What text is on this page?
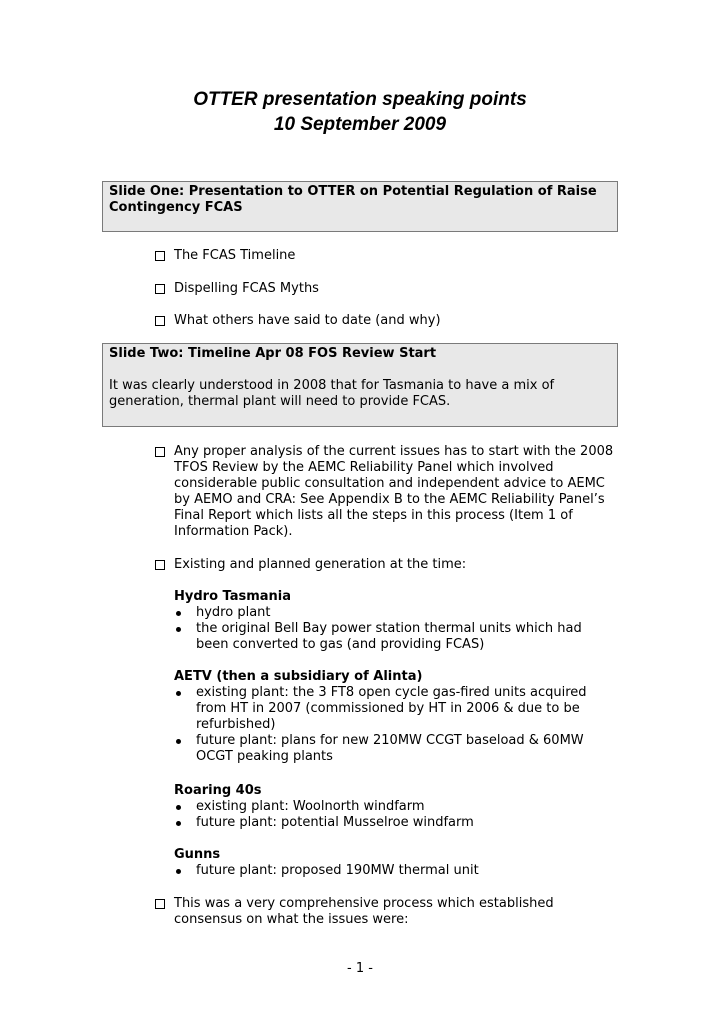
OTTER presentation speaking points
10 September 2009
Slide One: Presentation to OTTER on Potential Regulation of Raise Contingency FCAS
The FCAS Timeline
Dispelling FCAS Myths
What others have said to date (and why)
Slide Two: Timeline Apr 08 FOS Review Start
It was clearly understood in 2008 that for Tasmania to have a mix of generation, thermal plant will need to provide FCAS.
Any proper analysis of the current issues has to start with the 2008 TFOS Review by the AEMC Reliability Panel which involved considerable public consultation and independent advice to AEMC by AEMO and CRA: See Appendix B to the AEMC Reliability Panel’s Final Report which lists all the steps in this process (Item 1 of Information Pack).
Existing and planned generation at the time:
Hydro Tasmania
hydro plant
the original Bell Bay power station thermal units which had been converted to gas (and providing FCAS)
AETV (then a subsidiary of Alinta)
existing plant: the 3 FT8 open cycle gas-fired units acquired from HT in 2007 (commissioned by HT in 2006 & due to be refurbished)
future plant: plans for new 210MW CCGT baseload & 60MW OCGT peaking plants
Roaring 40s
existing plant: Woolnorth windfarm
future plant: potential Musselroe windfarm
Gunns
future plant: proposed 190MW thermal unit
This was a very comprehensive process which established consensus on what the issues were:
- 1 -
